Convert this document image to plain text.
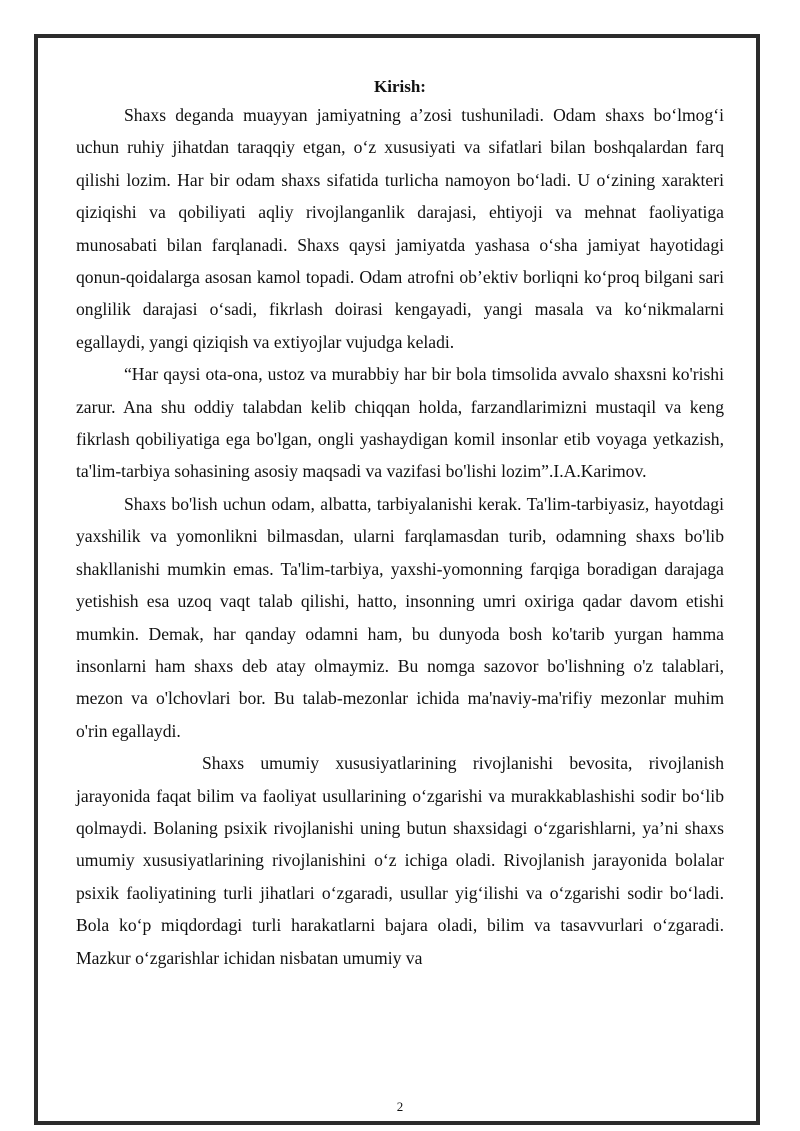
Kirish:

Shaxs deganda muayyan jamiyatning a’zosi tushuniladi. Odam shaxs bo‘lmog‘i uchun ruhiy jihatdan taraqqiy etgan, o‘z xususiyati va sifatlari bilan boshqalardan farq qilishi lozim. Har bir odam shaxs sifatida turlicha namoyon bo‘ladi. U o‘zining xarakteri qiziqishi va qobiliyati aqliy rivojlanganlik darajasi, ehtiyoji va mehnat faoliyatiga munosabati bilan farqlanadi. Shaxs qaysi jamiyatda yashasa o‘sha jamiyat hayotidagi qonun-qoidalarga asosan kamol topadi. Odam atrofni ob’ektiv borliqni ko‘proq bilgani sari onglilik darajasi o‘sadi, fikrlash doirasi kengayadi, yangi masala va ko‘nikmalarni egallaydi, yangi qiziqish va extiyojlar vujudga keladi.

“Har qaysi ota-ona, ustoz va murabbiy har bir bola timsolida avvalo shaxsni ko'rishi zarur. Ana shu oddiy talabdan kelib chiqqan holda, farzandlarimizni mustaqil va keng fikrlash qobiliyatiga ega bo'lgan, ongli yashaydigan komil insonlar etib voyaga yetkazish, ta'lim-tarbiya sohasining asosiy maqsadi va vazifasi bo'lishi lozim”.I.A.Karimov.

Shaxs bo'lish uchun odam, albatta, tarbiyalanishi kerak. Ta'lim-tarbiyasiz, hayotdagi yaxshilik va yomonlikni bilmasdan, ularni farqlamasdan turib, odamning shaxs bo'lib shakllanishi mumkin emas. Ta'lim-tarbiya, yaxshi-yomonning farqiga boradigan darajaga yetishish esa uzoq vaqt talab qilishi, hatto, insonning umri oxiriga qadar davom etishi mumkin. Demak, har qanday odamni ham, bu dunyoda bosh ko'tarib yurgan hamma insonlarni ham shaxs deb atay olmaymiz. Bu nomga sazovor bo'lishning o'z talablari, mezon va o'lchovlari bor. Bu talab-mezonlar ichida ma'naviy-ma'rifiy mezonlar muhim o'rin egallaydi.

Shaxs umumiy xususiyatlarining rivojlanishi bevosita, rivojlanish jarayonida faqat bilim va faoliyat usullarining o‘zgarishi va murakkablashishi sodir bo‘lib qolmaydi. Bolaning psixik rivojlanishi uning butun shaxsidagi o‘zgarishlarni, ya’ni shaxs umumiy xususiyatlarining rivojlanishini o‘z ichiga oladi. Rivojlanish jarayonida bolalar psixik faoliyatining turli jihatlari o‘zgaradi, usullar yig‘ilishi va o‘zgarishi sodir bo‘ladi. Bola ko‘p miqdordagi turli harakatlarni bajara oladi, bilim va tasavvurlari o‘zgaradi. Mazkur o‘zgarishlar ichidan nisbatan umumiy va

2
